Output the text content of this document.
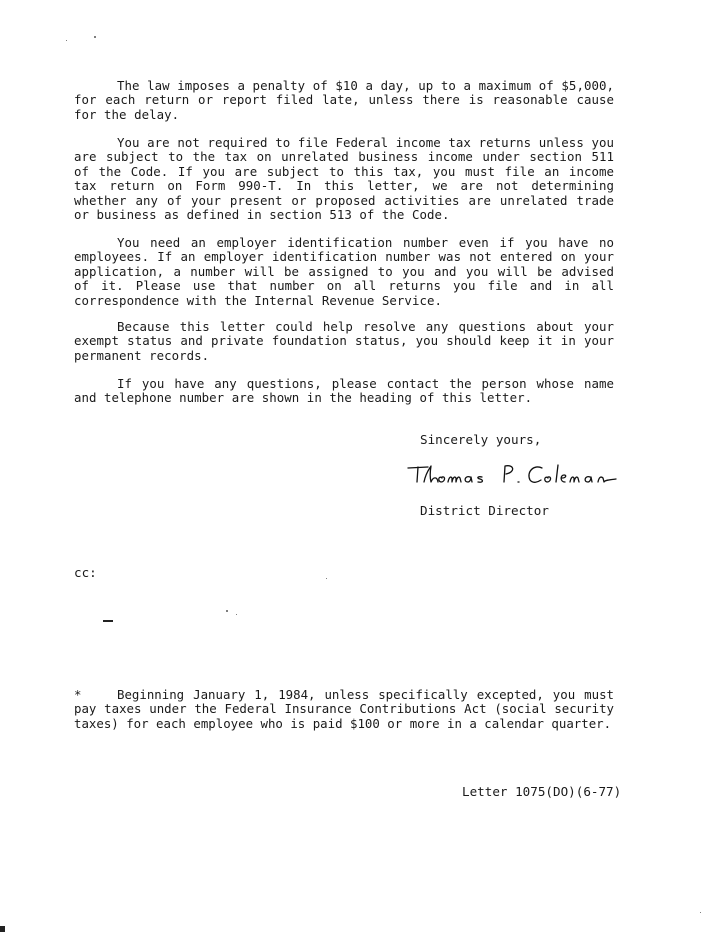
The law imposes a penalty of $10 a day, up to a maximum of $5,000, for each return or report filed late, unless there is reasonable cause for the delay.

You are not required to file Federal income tax returns unless you are subject to the tax on unrelated business income under section 511 of the Code. If you are subject to this tax, you must file an income tax return on Form 990-T. In this letter, we are not determining whether any of your present or proposed activities are unrelated trade or business as defined in section 513 of the Code.

You need an employer identification number even if you have no employees. If an employer identification number was not entered on your application, a number will be assigned to you and you will be advised of it. Please use that number on all returns you file and in all correspondence with the Internal Revenue Service.

Because this letter could help resolve any questions about your exempt status and private foundation status, you should keep it in your permanent records.

If you have any questions, please contact the person whose name and telephone number are shown in the heading of this letter.

Sincerely yours,

District Director

cc:

*	Beginning January 1, 1984, unless specifically excepted, you must pay taxes under the Federal Insurance Contributions Act (social security taxes) for each employee who is paid $100 or more in a calendar quarter.

Letter 1075(DO)(6-77)
